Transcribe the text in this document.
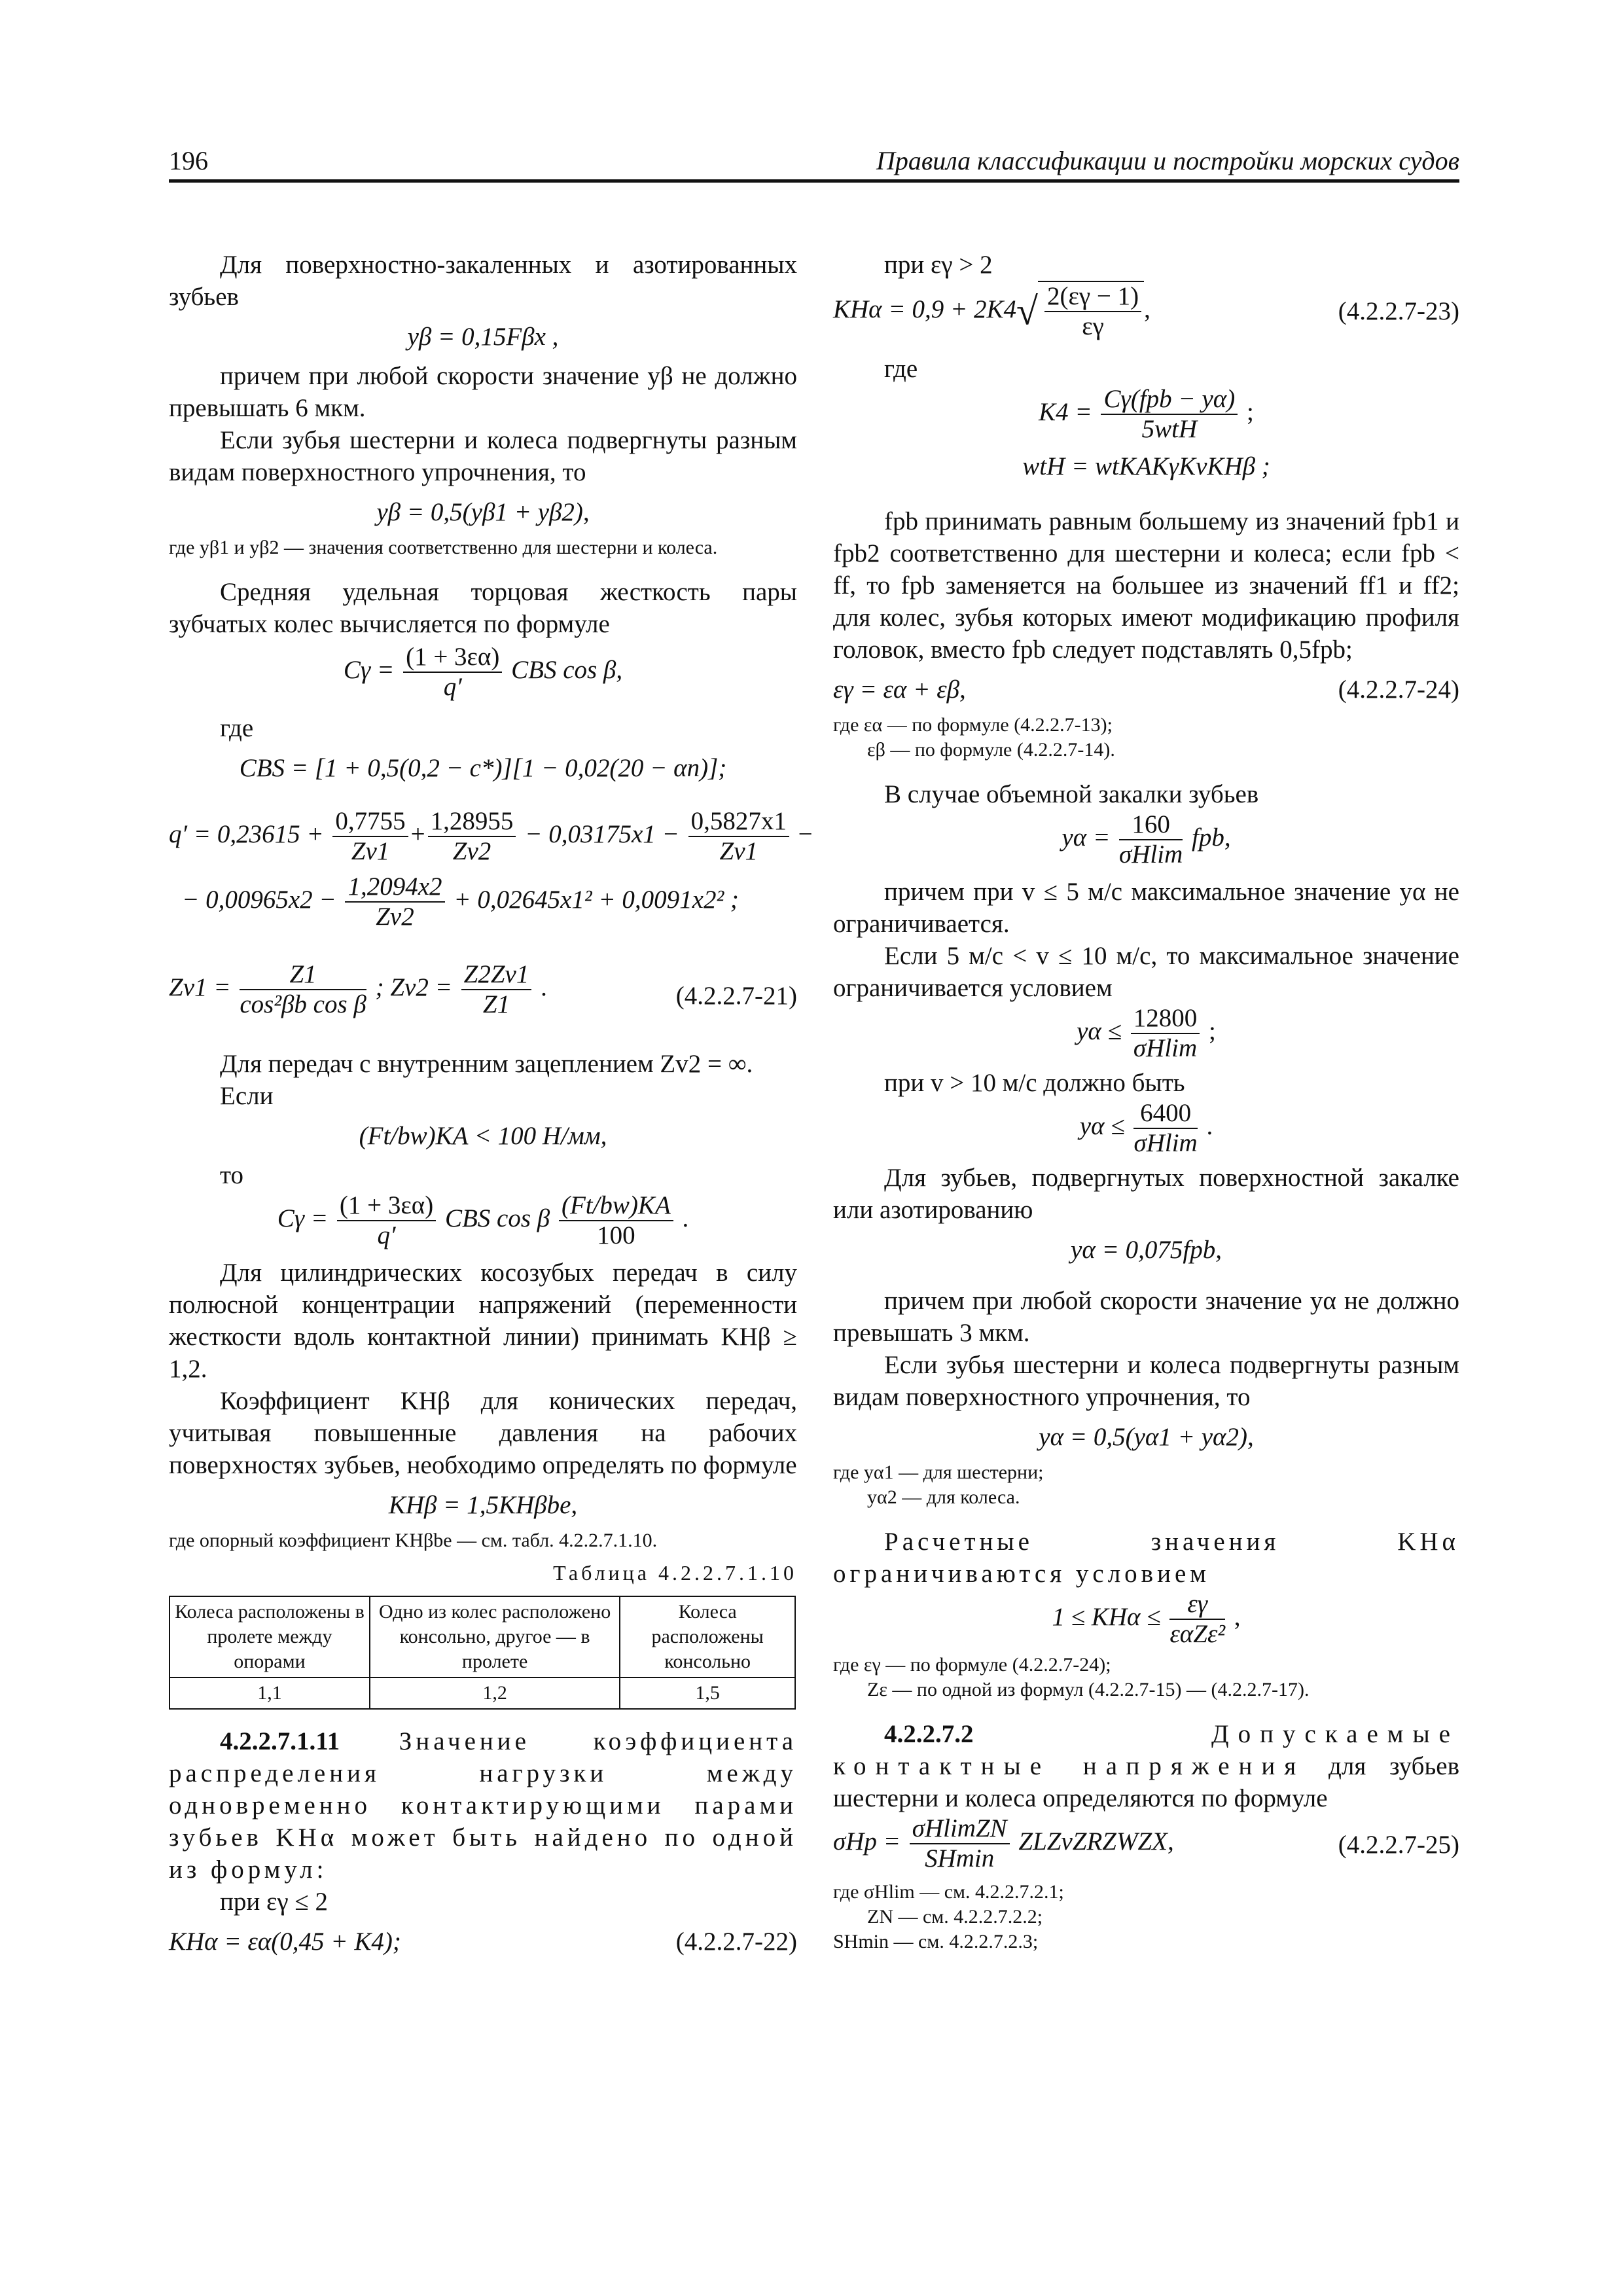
196	Правила классификации и постройки морских судов

Для поверхностно-закаленных и азотированных зубьев

yβ = 0,15Fβx ,

причем при любой скорости значение yβ не должно превышать 6 мкм.

Если зубья шестерни и колеса подвергнуты разным видам поверхностного упрочнения, то

yβ = 0,5(yβ1 + yβ2),
где yβ1 и yβ2 — значения соответственно для шестерни и колеса.

Средняя удельная торцовая жесткость пары зубчатых колес вычисляется по формуле

$C\gamma = \frac{(1 + 3\varepsilon\alpha)}{q'}$ CBS cos β,

где

CBS = [1 + 0,5(0,2 − c*)][1 − 0,02(20 − αn)];
$q' = 0,23615 + \frac{0,7755}{Zv1} + \frac{1,28955}{Zv2} - 0,03175x1 - \frac{0,5827x1}{Zv1}$ −
− $0,00965x2 - \frac{1,2094x2}{Zv2} + 0,02645x1^2 + 0,0091x2^2$ ;
$Zv1 = \frac{Z1}{\text{cos²βb cos β}}$ ; $Zv2 = \frac{Z2Zv1}{Z1}$ .	(4.2.2.7-21)

Для передач с внутренним зацеплением Zv2 = ∞.

Если

(Ft/bw)KA < 100 Н/мм,

то

$C\gamma = \frac{(1 + 3\varepsilon\alpha)}{q'}$ CBS cos β $\frac{(Ft/bw)KA}{100}$ .

Для цилиндрических косозубых передач в силу полюсной концентрации напряжений (переменности жесткости вдоль контактной линии) принимать KHβ ≥ 1,2.

Коэффициент KHβ для конических передач, учитывая повышенные давления на рабочих поверхностях зубьев, необходимо определять по формуле

KHβ = 1,5KHβbe,
где опорный коэффициент KHβbe — см. табл. 4.2.2.7.1.10.
Таблица 4.2.2.7.1.10
Колеса расположены в пролете между опорами	Одно из колес расположено консольно, другое — в пролете	Колеса расположены консольно
1,1	1,2	1,5

4.2.2.7.1.11 Значение коэффициента распределения нагрузки между одновременно контактирующими парами зубьев KHα может быть найдено по одной из формул:

при εγ ≤ 2

KHα = εα(0,45 + K4);	(4.2.2.7-22)

при εγ > 2

$KH\alpha = 0,9 + 2K4√ \frac{2(\varepsilon\gamma - 1)}{\varepsilon\gamma}$ ,	(4.2.2.7-23)

где

K4 = Cγ(fpb − yα)
5wtH
;
wtH = wtKAKγKvKHβ ;

fpb принимать равным большему из значений fpb1 и fpb2 соответственно для шестерни и колеса; если fpb < ff, то fpb заменяется на большее из значений ff1 и ff2; для колес, зубья которых имеют модификацию профиля головок, вместо fpb следует подставлять 0,5fpb;

εγ = εα + εβ,	(4.2.2.7-24)
где εα — по формуле (4.2.2.7-13);
εβ — по формуле (4.2.2.7-14).

В случае объемной закалки зубьев

$y\alpha = \frac{160}{\sigma Hlim}$ fpb,

причем при v ≤ 5 м/с максимальное значение yα не ограничивается.

Если 5 м/с < v ≤ 10 м/с, то максимальное значение ограничивается условием

$y\alpha \le \frac{12800}{\sigma Hlim}$ ;

при v > 10 м/с должно быть

$y\alpha \le \frac{6400}{\sigma Hlim}$ .

Для зубьев, подвергнутых поверхностной закалке или азотированию

yα = 0,075fpb,

причем при любой скорости значение yα не должно превышать 3 мкм.

Если зубья шестерни и колеса подвергнуты разным видам поверхностного упрочнения, то

yα = 0,5(yα1 + yα2),
где yα1 — для шестерни;
yα2 — для колеса.

Расчетные значения KHα ограничиваются условием

1 ≤ KHα ≤	εγ
εαZε²
,
где εγ — по формуле (4.2.2.7-24);
Zε — по одной из формул (4.2.2.7-15) — (4.2.2.7-17).

4.2.2.7.2	Допускаемые контактные напряжения для зубьев шестерни и колеса определяются по формуле

σHp = σHlimZN
SHmin
ZLZvZRZWZX,	(4.2.2.7-25)
где σHlim — см. 4.2.2.7.2.1;
ZN — см. 4.2.2.7.2.2;
SHmin — см. 4.2.2.7.2.3;
